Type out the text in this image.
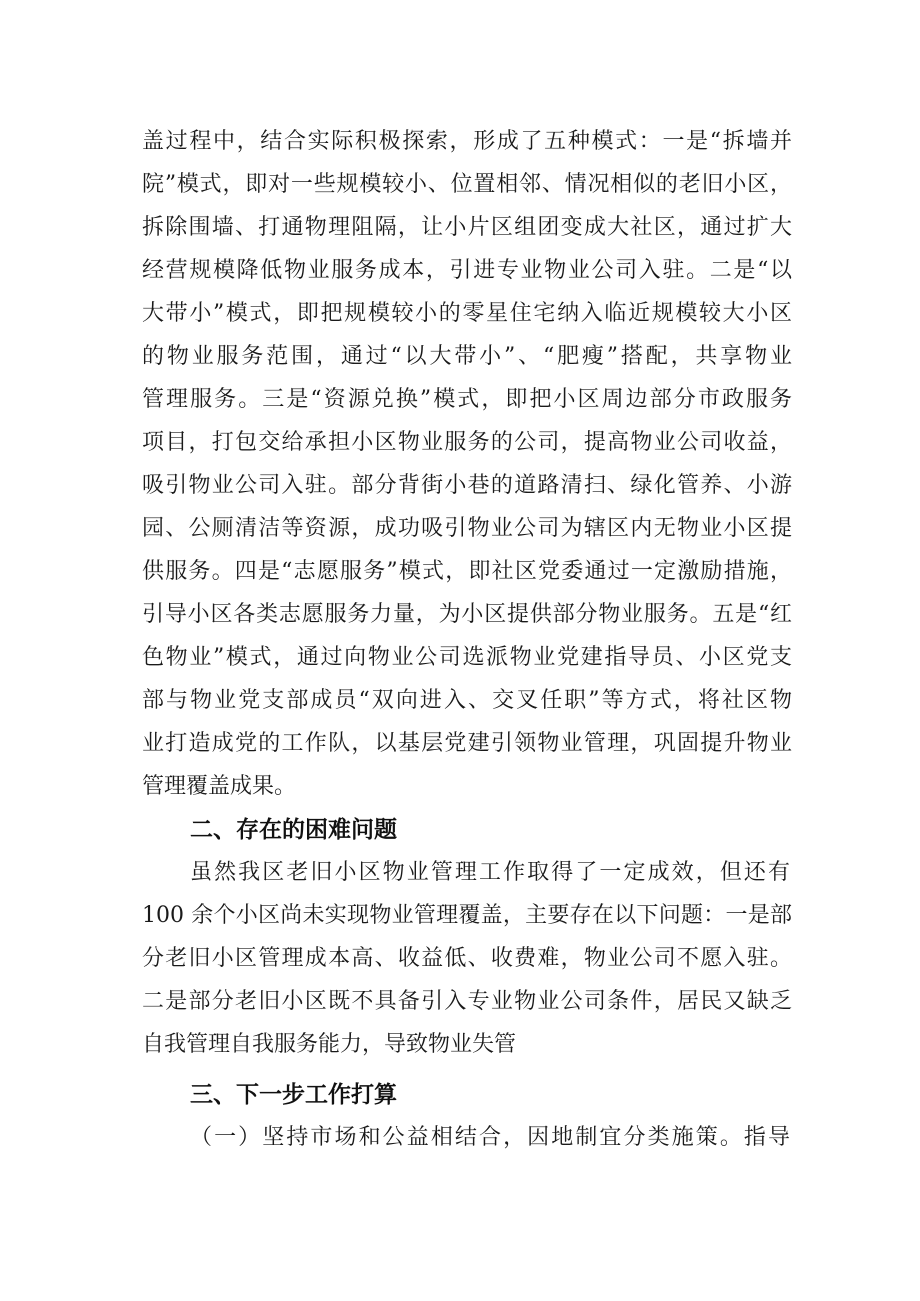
盖过程中，结合实际积极探索，形成了五种模式：一是“拆墙并
院”模式，即对一些规模较小、位置相邻、情况相似的老旧小区，
拆除围墙、打通物理阻隔，让小片区组团变成大社区，通过扩大
经营规模降低物业服务成本，引进专业物业公司入驻。二是“以
大带小”模式，即把规模较小的零星住宅纳入临近规模较大小区
的物业服务范围，通过“以大带小”、“肥瘦”搭配，共享物业
管理服务。三是“资源兑换”模式，即把小区周边部分市政服务
项目，打包交给承担小区物业服务的公司，提高物业公司收益，
吸引物业公司入驻。部分背街小巷的道路清扫、绿化管养、小游
园、公厕清洁等资源，成功吸引物业公司为辖区内无物业小区提
供服务。四是“志愿服务”模式，即社区党委通过一定激励措施，
引导小区各类志愿服务力量，为小区提供部分物业服务。五是“红
色物业”模式，通过向物业公司选派物业党建指导员、小区党支
部与物业党支部成员“双向进入、交叉任职”等方式，将社区物
业打造成党的工作队，以基层党建引领物业管理，巩固提升物业
管理覆盖成果。
二、存在的困难问题
虽然我区老旧小区物业管理工作取得了一定成效，但还有
100 余个小区尚未实现物业管理覆盖，主要存在以下问题：一是部
分老旧小区管理成本高、收益低、收费难，物业公司不愿入驻。
二是部分老旧小区既不具备引入专业物业公司条件，居民又缺乏
自我管理自我服务能力，导致物业失管
三、下一步工作打算
（一）坚持市场和公益相结合，因地制宜分类施策。指导
